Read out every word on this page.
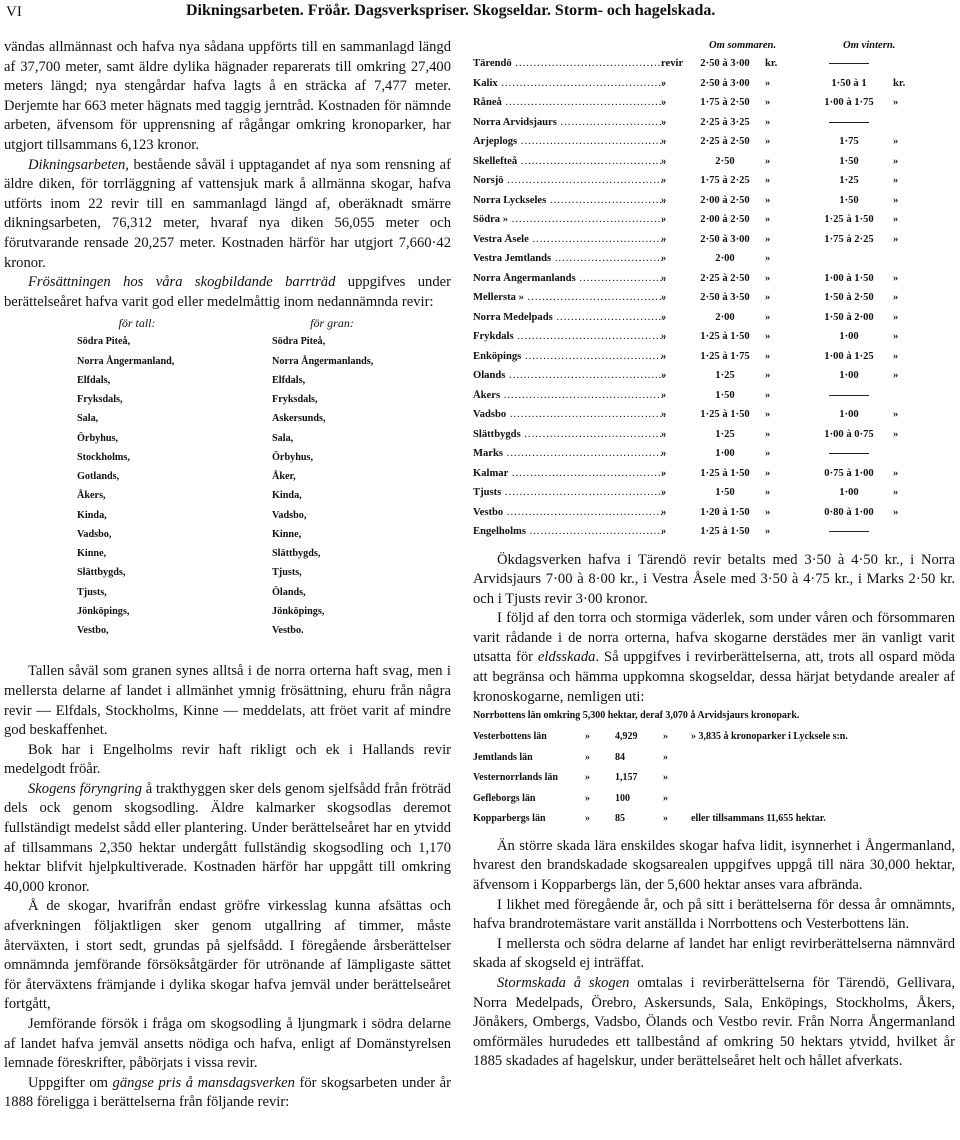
VI	Dikningsarbeten. Fröår. Dagsverkspriser. Skogseldar. Storm- och hagelskada.

vändas allmännast och hafva nya sådana uppförts till en sammanlagd längd af 37,700 meter, samt äldre dylika hägnader reparerats till omkring 27,400 meters längd; nya stengårdar hafva lagts å en sträcka af 7,477 meter. Derjemte har 663 meter hägnats med taggig jerntråd. Kostnaden för nämnde arbeten, äfvensom för upprensning af rågångar omkring kronoparker, har utgjort tillsammans 6,123 kronor.

Dikningsarbeten, bestående såväl i upptagandet af nya som rensning af äldre diken, för torrläggning af vattensjuk mark å allmänna skogar, hafva utförts inom 22 revir till en sammanlagd längd af, oberäknadt smärre dikningsarbeten, 76,312 meter, hvaraf nya diken 56,055 meter och förutvarande rensade 20,257 meter. Kostnaden härför har utgjort 7,660·42 kronor.

Frösättningen hos våra skogbildande barrträd uppgifves under berättelseåret hafva varit god eller medelmåttig inom nedannämnda revir:

för tall:
Södra Piteå,
Norra Ångermanland,
Elfdals,
Fryksdals,
Sala,
Örbyhus,
Stockholms,
Gotlands,
Åkers,
Kinda,
Vadsbo,
Kinne,
Slättbygds,
Tjusts,
Jönköpings,
Vestbo,
för gran:
Södra Piteå,
Norra Ångermanlands,
Elfdals,
Fryksdals,
Askersunds,
Sala,
Örbyhus,
Åker,
Kinda,
Vadsbo,
Kinne,
Slättbygds,
Tjusts,
Ölands,
Jönköpings,
Vestbo.

Tallen såväl som granen synes alltså i de norra orterna haft svag, men i mellersta delarne af landet i allmänhet ymnig frösättning, ehuru från några revir — Elfdals, Stockholms, Kinne — meddelats, att fröet varit af mindre god beskaffenhet.

Bok har i Engelholms revir haft rikligt och ek i Hallands revir medelgodt fröår.

Skogens föryngring å trakthyggen sker dels genom sjelfsådd från fröträd dels ock genom skogsodling. Äldre kalmarker skogsodlas deremot fullständigt medelst sådd eller plantering. Under berättelseåret har en ytvidd af tillsammans 2,350 hektar undergått fullständig skogsodling och 1,170 hektar blifvit hjelpkultiverade. Kostnaden härför har uppgått till omkring 40,000 kronor.

Å de skogar, hvarifrån endast gröfre virkesslag kunna afsättas och afverkningen följaktligen sker genom utgallring af timmer, måste återväxten, i stort sedt, grundas på sjelfsådd. I föregående årsberättelser omnämnda jemförande försöksåtgärder för utrönande af lämpligaste sättet för återväxtens främjande i dylika skogar hafva jemväl under berättelseåret fortgått,

Jemförande försök i fråga om skogsodling å ljungmark i södra delarne af landet hafva jemväl ansetts nödiga och hafva, enligt af Domänstyrelsen lemnade föreskrifter, påbörjats i vissa revir.

Uppgifter om gängse pris å mansdagsverken för skogsarbeten under år 1888 föreligga i berättelserna från följande revir:

Om sommaren.	Om vintern.
Tärendö .....	revir	2·50 à 3·00	kr.
Kalix .....	»	2·50 à 3·00	»	1·50 à 1	kr.
Råneå .....	»	1·75 à 2·50	»	1·00 à 1·75	»
Norra Arvidsjaurs .....	»	2·25 à 3·25	»
Arjeplogs .....	»	2·25 à 2·50	»	1·75	»
Skellefteå .....	»	2·50	»	1·50	»
Norsjö .....	»	1·75 à 2·25	»	1·25	»
Norra Lyckseles .....	»	2·00 à 2·50	»	1·50	»
Södra » .....	»	2·00 à 2·50	»	1·25 à 1·50	»
Vestra Åsele .....	»	2·50 à 3·00	»	1·75 à 2·25	»
Vestra Jemtlands .....	»	2·00	»
Norra Ångermanlands .....	»	2·25 à 2·50	»	1·00 à 1·50	»
Mellersta » .....	»	2·50 à 3·50	»	1·50 à 2·50	»
Norra Medelpads .....	»	2·00	»	1·50 à 2·00	»
Frykdals .....	»	1·25 à 1·50	»	1·00	»
Enköpings .....	»	1·25 à 1·75	»	1·00 à 1·25	»
Ölands .....	»	1·25	»	1·00	»
Åkers .....	»	1·50	»
Vadsbo .....	»	1·25 à 1·50	»	1·00	»
Slättbygds .....	»	1·25	»	1·00 à 0·75	»
Marks .....	»	1·00	»
Kalmar .....	»	1·25 à 1·50	»	0·75 à 1·00	»
Tjusts .....	»	1·50	»	1·00	»
Vestbo .....	»	1·20 à 1·50	»	0·80 à 1·00	»
Engelholms .....	»	1·25 à 1·50	»

Ökdagsverken hafva i Tärendö revir betalts med 3·50 à 4·50 kr., i Norra Arvidsjaurs 7·00 à 8·00 kr., i Vestra Åsele med 3·50 à 4·75 kr., i Marks 2·50 kr. och i Tjusts revir 3·00 kronor.

I följd af den torra och stormiga väderlek, som under våren och försommaren varit rådande i de norra orterna, hafva skogarne derstädes mer än vanligt varit utsatta för eldsskada. Så uppgifves i revirberättelserna, att, trots all ospard möda att begränsa och hämma uppkomna skogseldar, dessa härjat betydande arealer af kronoskogarne, nemligen uti:

Norrbottens län omkring 5,300 hektar, deraf 3,070 å Arvidsjaurs kronopark.
Vesterbottens län	»	4,929	» » 3,835 å kronoparker i Lycksele s:n.
Jemtlands län	»	84	»
Vesternorrlands län	»	1,157	»
Gefleborgs län	»	100	»
Kopparbergs län	»	85	» eller tillsammans 11,655 hektar.

Än större skada lära enskildes skogar hafva lidit, isynnerhet i Ångermanland, hvarest den brandskadade skogsarealen uppgifves uppgå till nära 30,000 hektar, äfvensom i Kopparbergs län, der 5,600 hektar anses vara afbrända.

I likhet med föregående år, och på sitt i berättelserna för dessa år omnämnts, hafva brandrotemästare varit anställda i Norrbottens och Vesterbottens län.

I mellersta och södra delarne af landet har enligt revirberättelserna nämnvärd skada af skogseld ej inträffat.

Stormskada å skogen omtalas i revirberättelserna för Tärendö, Gellivara, Norra Medelpads, Örebro, Askersunds, Sala, Enköpings, Stockholms, Åkers, Jönåkers, Ombergs, Vadsbo, Ölands och Vestbo revir. Från Norra Ångermanland omförmäles hurudedes ett tallbestånd af omkring 50 hektars ytvidd, hvilket år 1885 skadades af hagelskur, under berättelseåret helt och hållet afverkats.
